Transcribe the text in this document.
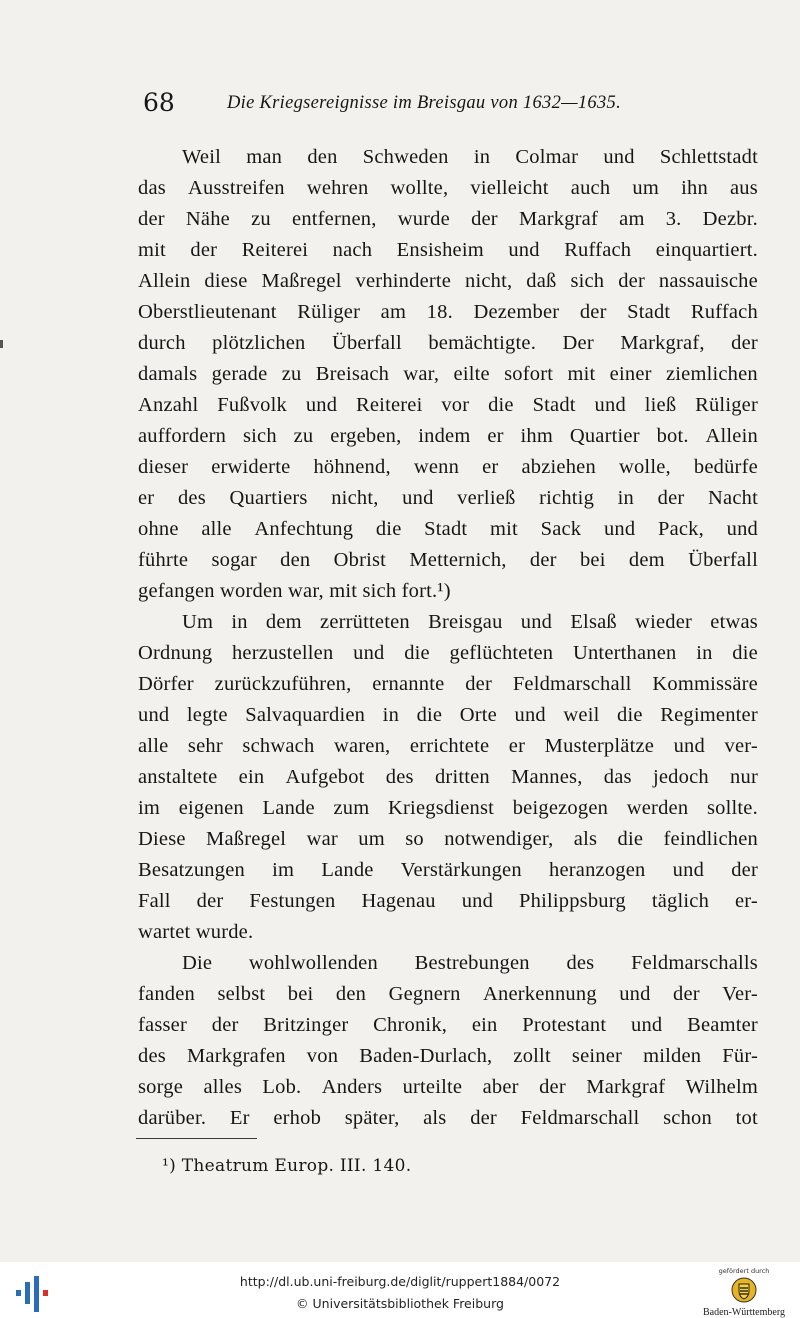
68	Die Kriegsereignisse im Breisgau von 1632—1635.
Weil man den Schweden in Colmar und Schlettstadt
das Ausstreifen wehren wollte, vielleicht auch um ihn aus
der Nähe zu entfernen, wurde der Markgraf am 3. Dezbr.
mit der Reiterei nach Ensisheim und Ruffach einquartiert.
Allein diese Maßregel verhinderte nicht, daß sich der nassauische
Oberstlieutenant Rüliger am 18. Dezember der Stadt Ruffach
durch plötzlichen Überfall bemächtigte. Der Markgraf, der
damals gerade zu Breisach war, eilte sofort mit einer ziemlichen
Anzahl Fußvolk und Reiterei vor die Stadt und ließ Rüliger
auffordern sich zu ergeben, indem er ihm Quartier bot. Allein
dieser erwiderte höhnend, wenn er abziehen wolle, bedürfe
er des Quartiers nicht, und verließ richtig in der Nacht
ohne alle Anfechtung die Stadt mit Sack und Pack, und
führte sogar den Obrist Metternich, der bei dem Überfall
gefangen worden war, mit sich fort.¹)
Um in dem zerrütteten Breisgau und Elsaß wieder etwas
Ordnung herzustellen und die geflüchteten Unterthanen in die
Dörfer zurückzuführen, ernannte der Feldmarschall Kommissäre
und legte Salvaquardien in die Orte und weil die Regimenter
alle sehr schwach waren, errichtete er Musterplätze und ver-
anstaltete ein Aufgebot des dritten Mannes, das jedoch nur
im eigenen Lande zum Kriegsdienst beigezogen werden sollte.
Diese Maßregel war um so notwendiger, als die feindlichen
Besatzungen im Lande Verstärkungen heranzogen und der
Fall der Festungen Hagenau und Philippsburg täglich er-
wartet wurde.
Die wohlwollenden Bestrebungen des Feldmarschalls
fanden selbst bei den Gegnern Anerkennung und der Ver-
fasser der Britzinger Chronik, ein Protestant und Beamter
des Markgrafen von Baden-Durlach, zollt seiner milden Für-
sorge alles Lob. Anders urteilte aber der Markgraf Wilhelm
darüber. Er erhob später, als der Feldmarschall schon tot
¹) Theatrum Europ. III. 140.
http://dl.ub.uni-freiburg.de/diglit/ruppert1884/0072
© Universitätsbibliothek Freiburg
gefördert durch
Baden-Württemberg
